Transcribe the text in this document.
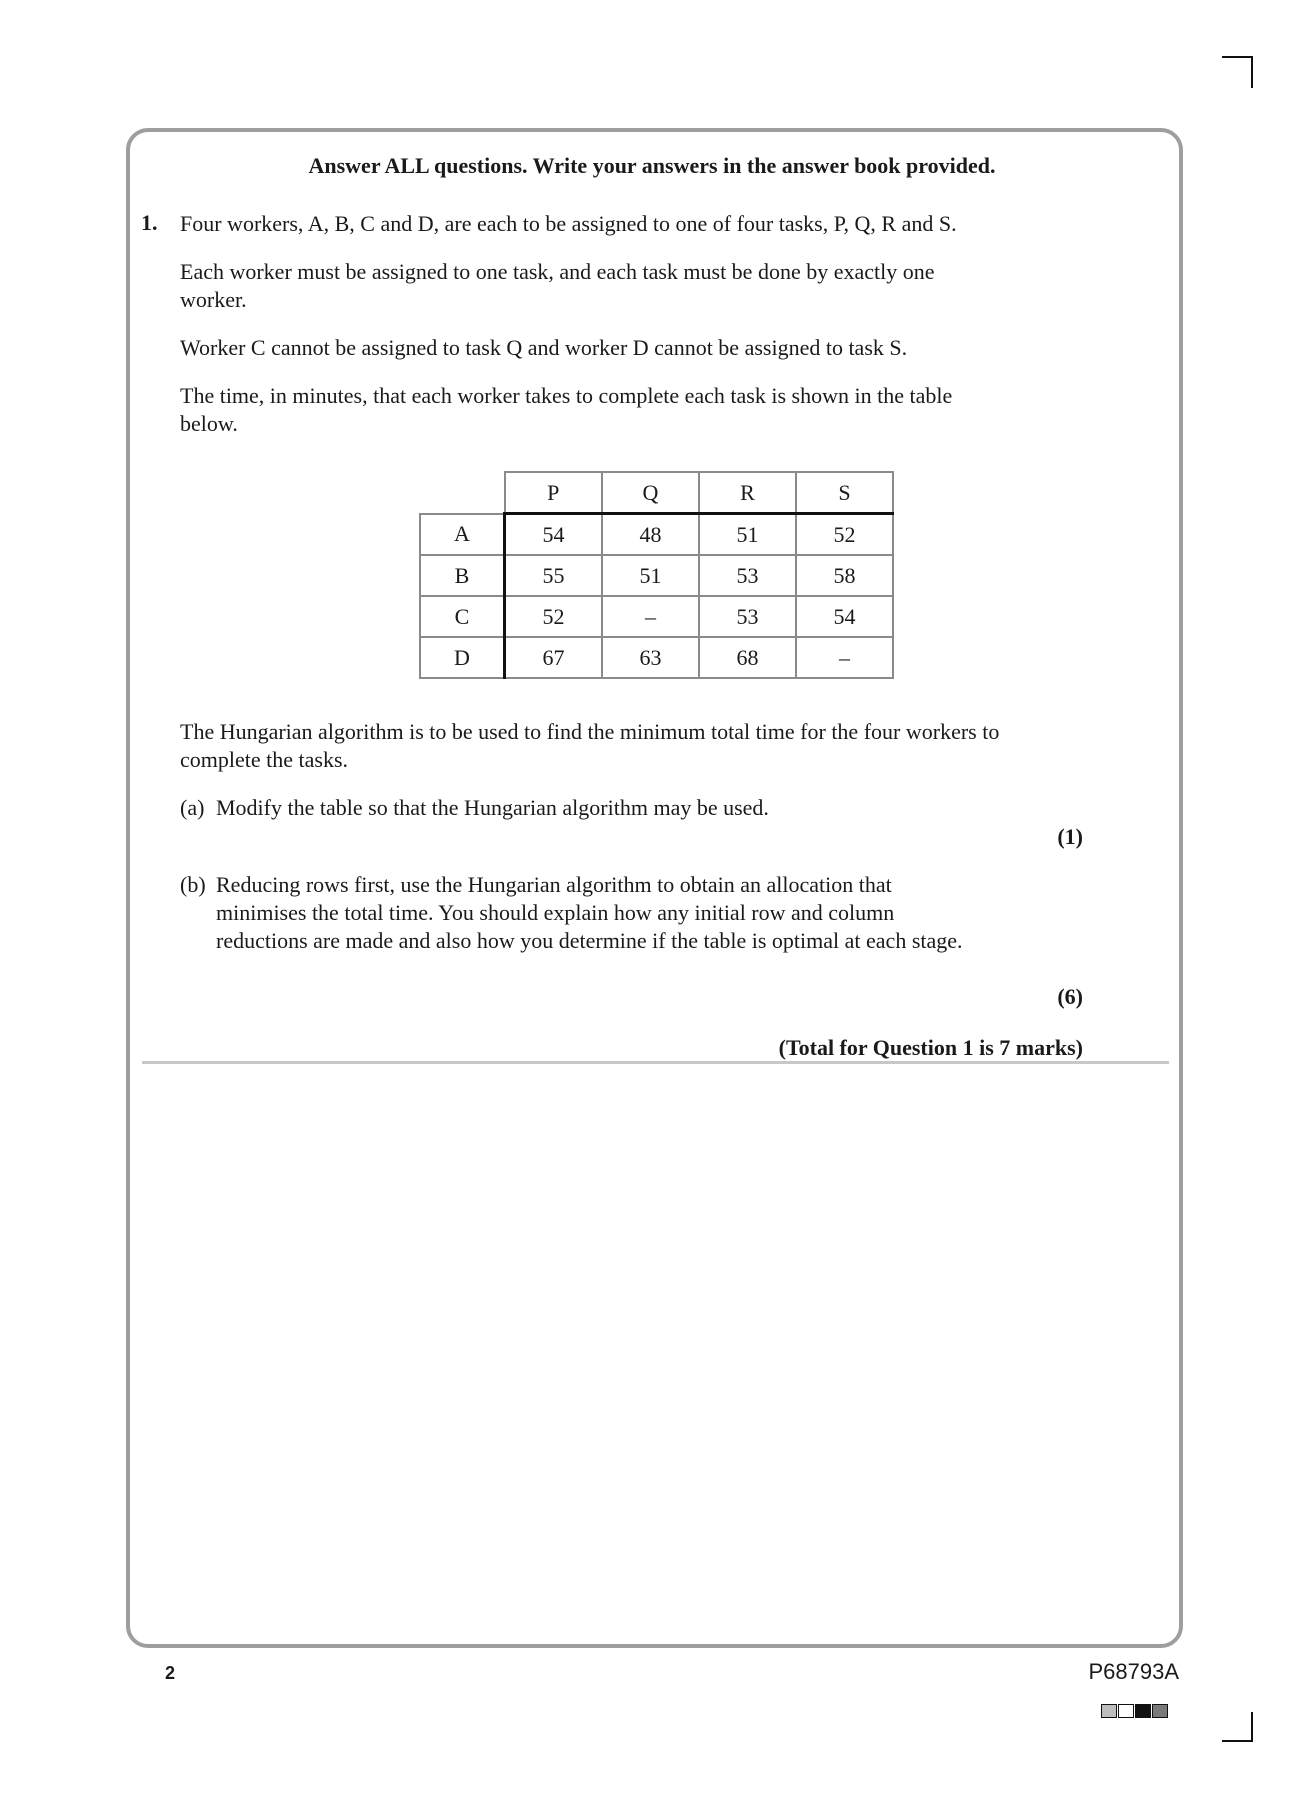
Answer ALL questions. Write your answers in the answer book provided.
1. Four workers, A, B, C and D, are each to be assigned to one of four tasks, P, Q, R and S.
Each worker must be assigned to one task, and each task must be done by exactly one worker.
Worker C cannot be assigned to task Q and worker D cannot be assigned to task S.
The time, in minutes, that each worker takes to complete each task is shown in the table below.
	P	Q	R	S
A	54	48	51	52
B	55	51	53	58
C	52	–	53	54
D	67	63	68	–
The Hungarian algorithm is to be used to find the minimum total time for the four workers to complete the tasks.
(a) Modify the table so that the Hungarian algorithm may be used.
(1)
(b) Reducing rows first, use the Hungarian algorithm to obtain an allocation that minimises the total time. You should explain how any initial row and column reductions are made and also how you determine if the table is optimal at each stage.
(6)
(Total for Question 1 is 7 marks)
2	P68793A
